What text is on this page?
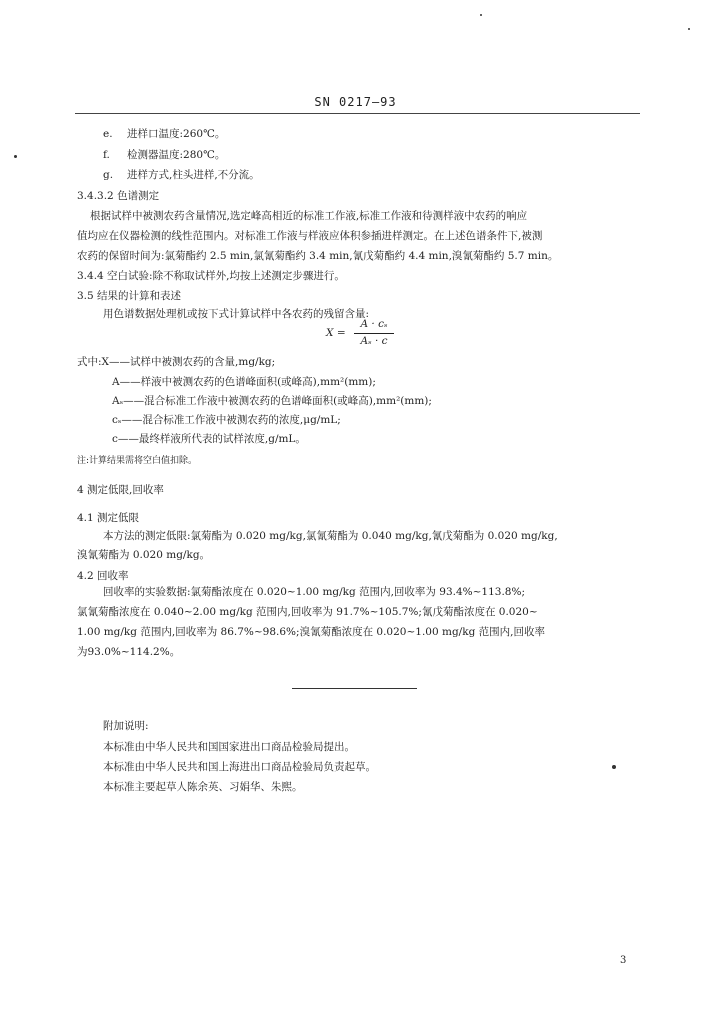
SN 0217—93
e. 进样口温度:260℃。
f. 检测器温度:280℃。
g. 进样方式,柱头进样,不分流。
3.4.3.2 色谱测定
根据试样中被测农药含量情况,选定峰高相近的标准工作液,标准工作液和待测样液中农药的响应
值均应在仪器检测的线性范围内。对标准工作液与样液应体积参插进样测定。在上述色谱条件下,被测
农药的保留时间为:氯菊酯约 2.5 min,氯氰菊酯约 3.4 min,氰戊菊酯约 4.4 min,溴氰菊酯约 5.7 min。
3.4.4 空白试验:除不称取试样外,均按上述测定步骤进行。
3.5 结果的计算和表述
用色谱数据处理机或按下式计算试样中各农药的残留含量:
X =
A · cₛ
Aₛ · c
式中:X——试样中被测农药的含量,mg/kg;
A——样液中被测农药的色谱峰面积(或峰高),mm²(mm);
Aₛ——混合标准工作液中被测农药的色谱峰面积(或峰高),mm²(mm);
cₛ——混合标准工作液中被测农药的浓度,μg/mL;
c——最终样液所代表的试样浓度,g/mL。
注:计算结果需将空白值扣除。
4 测定低限,回收率
4.1 测定低限
本方法的测定低限:氯菊酯为 0.020 mg/kg,氯氰菊酯为 0.040 mg/kg,氰戊菊酯为 0.020 mg/kg,
溴氰菊酯为 0.020 mg/kg。
4.2 回收率
回收率的实验数据:氯菊酯浓度在 0.020~1.00 mg/kg 范围内,回收率为 93.4%~113.8%;
氯氰菊酯浓度在 0.040~2.00 mg/kg 范围内,回收率为 91.7%~105.7%;氰戊菊酯浓度在 0.020~
1.00 mg/kg 范围内,回收率为 86.7%~98.6%;溴氰菊酯浓度在 0.020~1.00 mg/kg 范围内,回收率
为93.0%~114.2%。
附加说明:
本标准由中华人民共和国国家进出口商品检验局提出。
本标准由中华人民共和国上海进出口商品检验局负责起草。
本标准主要起草人陈余英、习娟华、朱熙。
3
